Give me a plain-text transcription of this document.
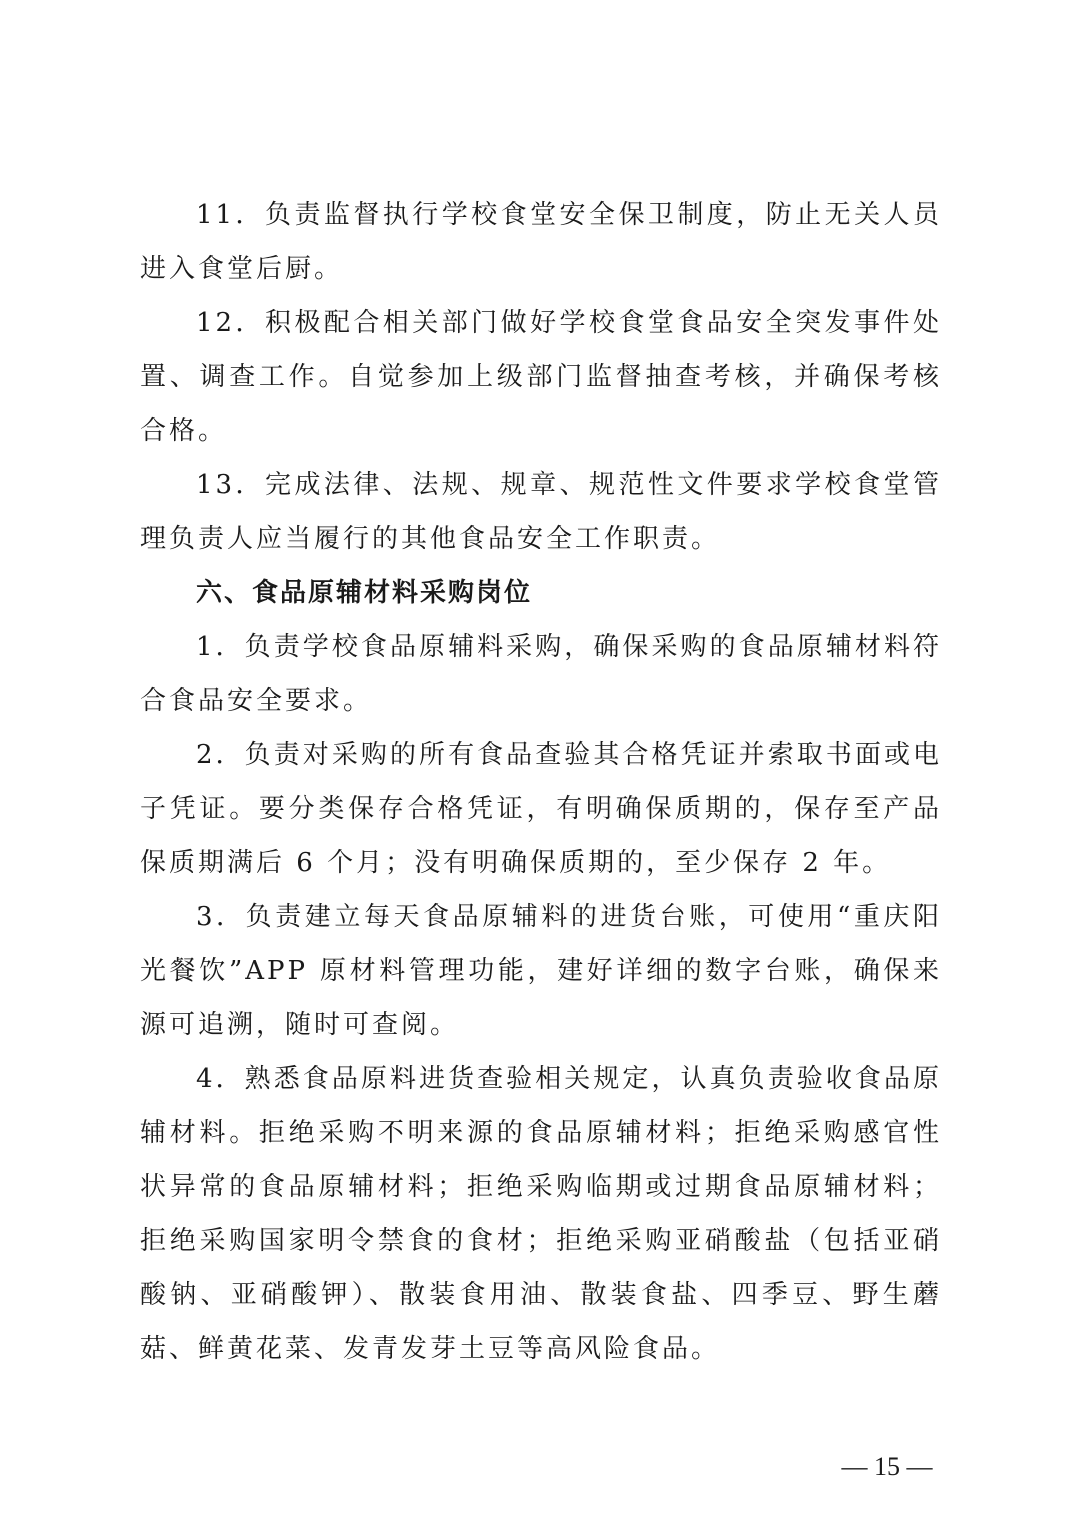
11．负责监督执行学校食堂安全保卫制度，防止无关人员进入食堂后厨。

12．积极配合相关部门做好学校食堂食品安全突发事件处置、调查工作。自觉参加上级部门监督抽查考核，并确保考核合格。

13．完成法律、法规、规章、规范性文件要求学校食堂管理负责人应当履行的其他食品安全工作职责。

六、食品原辅材料采购岗位

1．负责学校食品原辅料采购，确保采购的食品原辅材料符合食品安全要求。

2．负责对采购的所有食品查验其合格凭证并索取书面或电子凭证。要分类保存合格凭证，有明确保质期的，保存至产品保质期满后 6 个月；没有明确保质期的，至少保存 2 年。

3．负责建立每天食品原辅料的进货台账，可使用“重庆阳光餐饮”APP 原材料管理功能，建好详细的数字台账，确保来源可追溯，随时可查阅。

4．熟悉食品原料进货查验相关规定，认真负责验收食品原辅材料。拒绝采购不明来源的食品原辅材料；拒绝采购感官性状异常的食品原辅材料；拒绝采购临期或过期食品原辅材料；拒绝采购国家明令禁食的食材；拒绝采购亚硝酸盐（包括亚硝酸钠、亚硝酸钾）、散装食用油、散装食盐、四季豆、野生蘑菇、鲜黄花菜、发青发芽土豆等高风险食品。

— 15 —
